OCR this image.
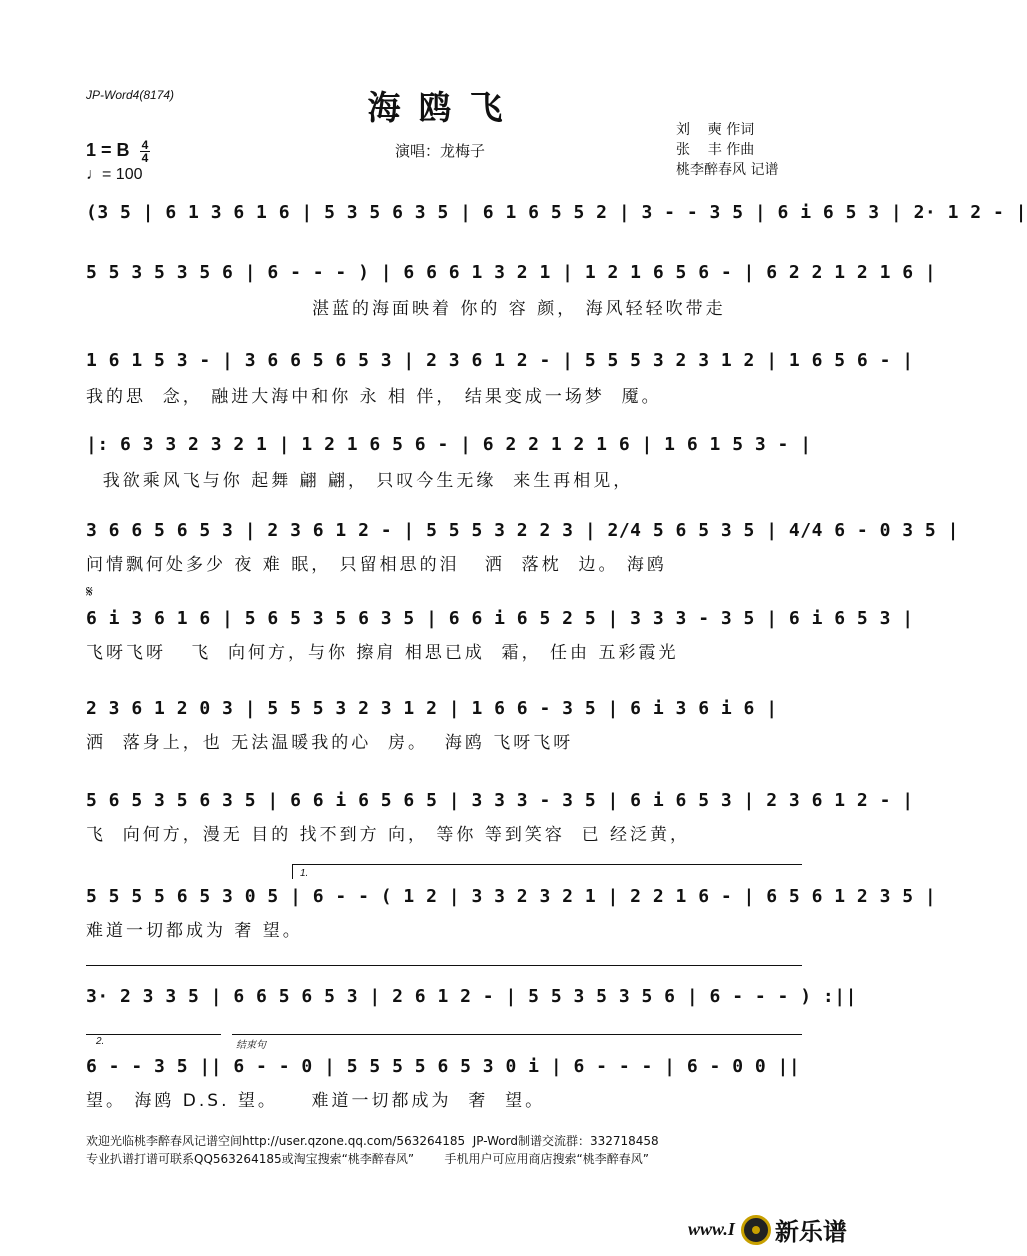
JP-Word4(8174)	海鸥飞
演唱：龙梅子
刘    奭 作词
张    丰 作曲
桃李醉春风 记谱
1 = B 4
4
♩= 100
(3 5 | 6 1 3 6 1 6 | 5 3 5 6 3 5 | 6 1 6 5 5 2 | 3 - - 3 5 | 6 i 6 5 3 | 2· 1 2 - |
5 5 3 5 3 5 6 | 6 - - - ) | 6 6 6 1 3 2 1 | 1 2 1 6 5 6 - | 6 2 2 1 2 1 6 |
湛蓝的海面映着 你的 容 颜， 海风轻轻吹带走
1 6 1 5 3 - | 3 6 6 5 6 5 3 | 2 3 6 1 2 - | 5 5 5 3 2 3 1 2 | 1 6 5 6 - |
我的思  念， 融进大海中和你 永 相 伴， 结果变成一场梦  魇。
|: 6 3 3 2 3 2 1 | 1 2 1 6 5 6 - | 6 2 2 1 2 1 6 | 1 6 1 5 3 - |
我欲乘风飞与你 起舞 翩 翩， 只叹今生无缘  来生再相见，
3 6 6 5 6 5 3 | 2 3 6 1 2 - | 5 5 5 3 2 2 3 | 2/4 5 6 5 3 5 | 4/4 6 - 0 3 5 |
问情飘何处多少 夜 难 眠， 只留相思的泪   洒  落枕  边。 海鸥
𝄋
6 i 3 6 1 6 | 5 6 5 3 5 6 3 5 | 6 6 i 6 5 2 5 | 3 3 3 - 3 5 | 6 i 6 5 3 |
飞呀飞呀   飞  向何方，与你 擦肩 相思已成  霜， 任由 五彩霞光
2 3 6 1 2 0 3 | 5 5 5 3 2 3 1 2 | 1 6 6 - 3 5 | 6 i 3 6 i 6 |
洒  落身上，也 无法温暖我的心  房。  海鸥 飞呀飞呀
5 6 5 3 5 6 3 5 | 6 6 i 6 5 6 5 | 3 3 3 - 3 5 | 6 i 6 5 3 | 2 3 6 1 2 - |
飞  向何方，漫无 目的 找不到方 向， 等你 等到笑容  已 经泛黄，
1.
5 5 5 5 6 5 3 0 5 | 6 - - ( 1 2 | 3 3 2 3 2 1 | 2 2 1 6 - | 6 5 6 1 2 3 5 |
难道一切都成为 奢 望。
3· 2 3 3 5 | 6 6 5 6 5 3 | 2 6 1 2 - | 5 5 3 5 3 5 6 | 6 - - - ) :||
2.	结束句
6 - - 3 5 || 6 - - 0 | 5 5 5 5 6 5 3 0 i | 6 - - - | 6 - 0 0 ||
望。 海鸥 D.S. 望。    难道一切都成为  奢  望。
欢迎光临桃李醉春风记谱空间http://user.qzone.qq.com/563264185  JP-Word制谱交流群：332718458
专业扒谱打谱可联系QQ563264185或淘宝搜索“桃李醉春风”        手机用户可应用商店搜索“桃李醉春风”
www.I 新乐谱
